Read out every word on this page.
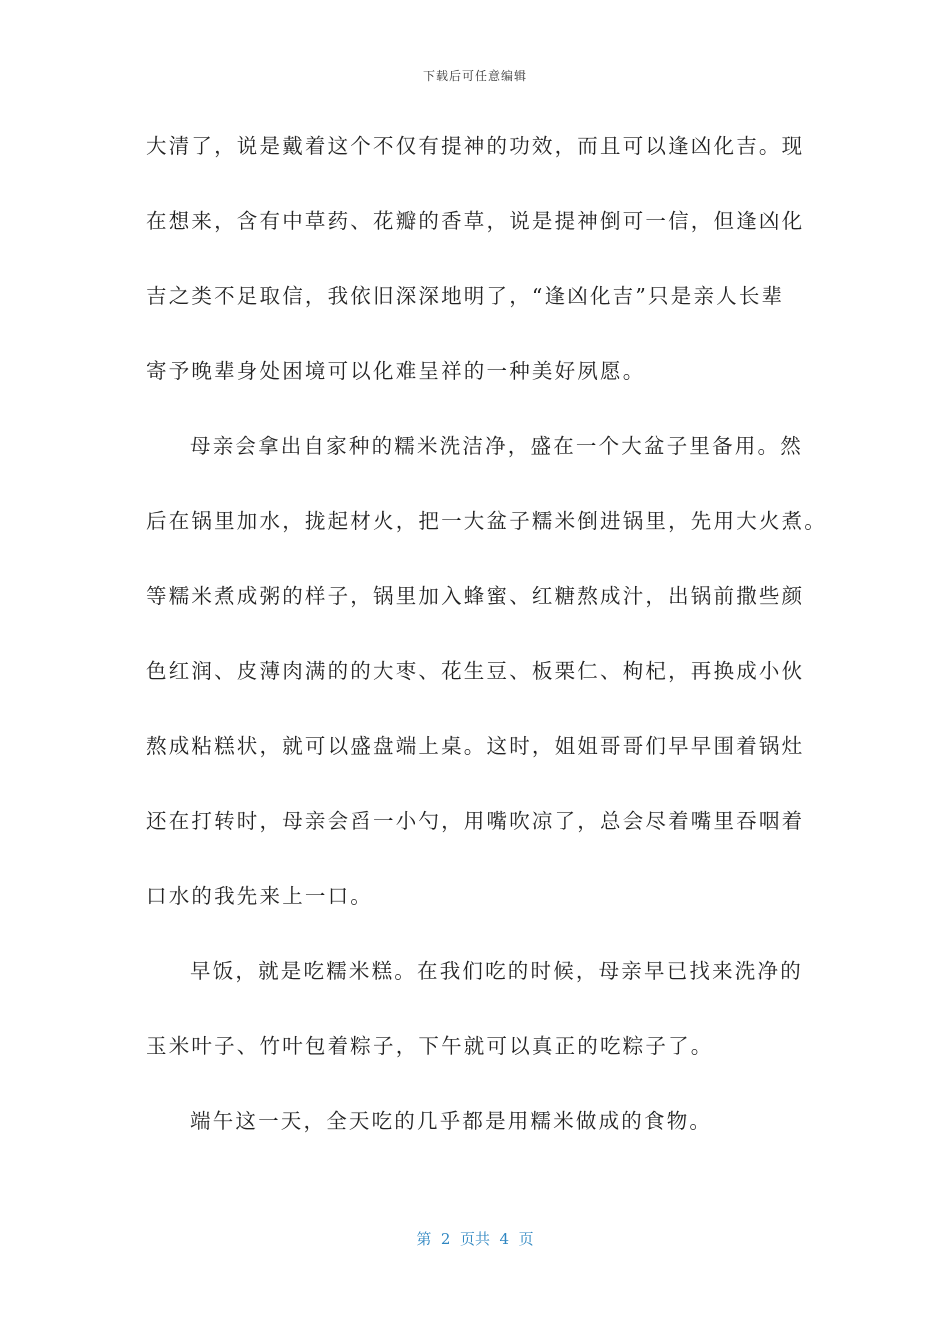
下载后可任意编辑
大清了，说是戴着这个不仅有提神的功效，而且可以逢凶化吉。现
在想来，含有中草药、花瓣的香草，说是提神倒可一信，但逢凶化
吉之类不足取信，我依旧深深地明了，“逢凶化吉”只是亲人长辈
寄予晚辈身处困境可以化难呈祥的一种美好夙愿。
母亲会拿出自家种的糯米洗洁净，盛在一个大盆子里备用。然
后在锅里加水，拢起材火，把一大盆子糯米倒进锅里，先用大火煮。
等糯米煮成粥的样子，锅里加入蜂蜜、红糖熬成汁，出锅前撒些颜
色红润、皮薄肉满的的大枣、花生豆、板栗仁、枸杞，再换成小伙
熬成粘糕状，就可以盛盘端上桌。这时，姐姐哥哥们早早围着锅灶
还在打转时，母亲会舀一小勺，用嘴吹凉了，总会尽着嘴里吞咽着
口水的我先来上一口。
早饭，就是吃糯米糕。在我们吃的时候，母亲早已找来洗净的
玉米叶子、竹叶包着粽子，下午就可以真正的吃粽子了。
端午这一天，全天吃的几乎都是用糯米做成的食物。
第  2  页共  4  页
